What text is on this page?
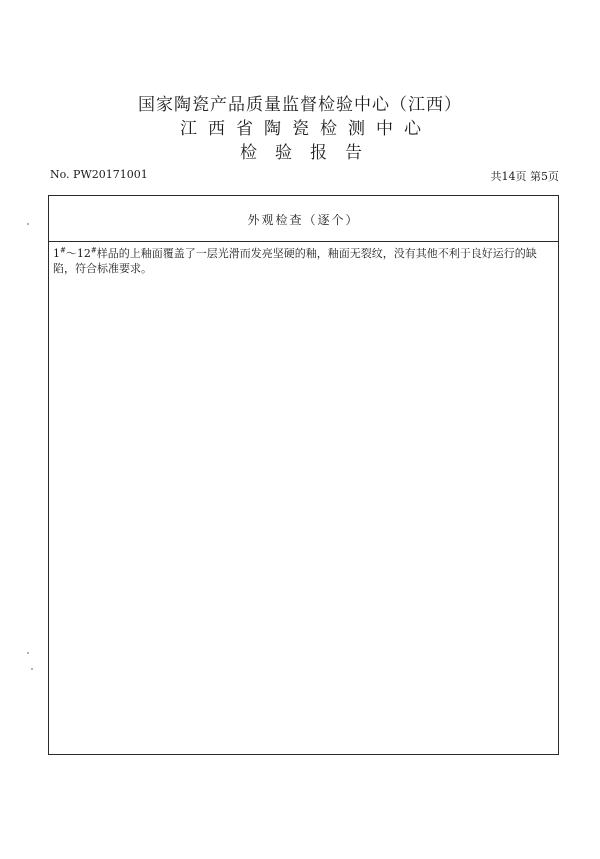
国家陶瓷产品质量监督检验中心（江西）
江西省陶瓷检测中心
检验报告
No. PW20171001	共14页 第5页
外观检查（逐个）
1#～12#样品的上釉面覆盖了一层光滑而发亮坚硬的釉，釉面无裂纹，没有其他不利于良好运行的缺陷，符合标准要求。
